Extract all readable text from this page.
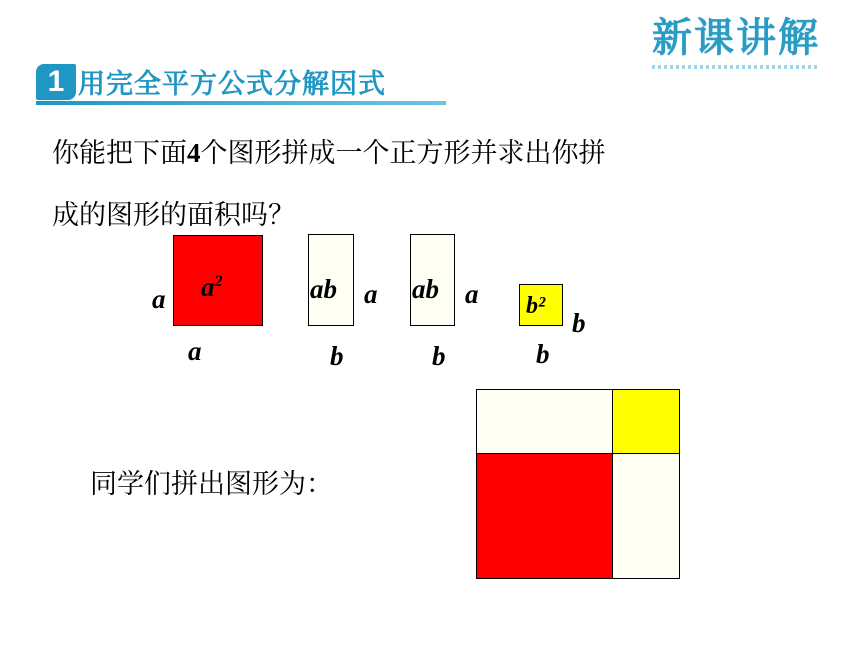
新课讲解
1 用完全平方公式分解因式
你能把下面4个图形拼成一个正方形并求出你拼
成的图形的面积吗？
$a^2$
a
a
ab a
b
ab a
b
b²
b
b
同学们拼出图形为：
